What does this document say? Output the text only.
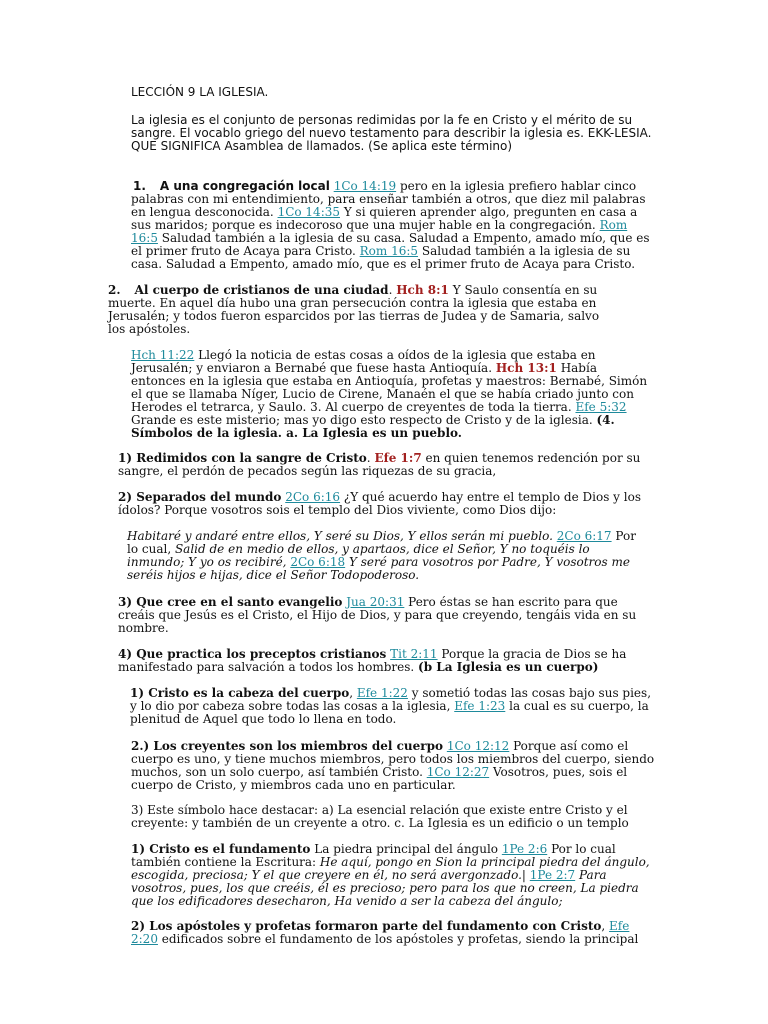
LECCIÓN 9 LA IGLESIA.

La iglesia es el conjunto de personas redimidas por la fe en Cristo y el mérito de su sangre. El vocablo griego del nuevo testamento para describir la iglesia es. EKK-LESIA. QUE SIGNIFICA Asamblea de llamados. (Se aplica este término)

1. A una congregación local 1Co 14:19 pero en la iglesia prefiero hablar cinco palabras con mi entendimiento, para enseñar también a otros, que diez mil palabras en lengua desconocida. 1Co 14:35 Y si quieren aprender algo, pregunten en casa a sus maridos; porque es indecoroso que una mujer hable en la congregación. Rom 16:5 Saludad también a la iglesia de su casa. Saludad a Empento, amado mío, que es el primer fruto de Acaya para Cristo. Rom 16:5 Saludad también a la iglesia de su casa. Saludad a Empento, amado mío, que es el primer fruto de Acaya para Cristo.

2. Al cuerpo de cristianos de una ciudad. Hch 8:1 Y Saulo consentía en su muerte. En aquel día hubo una gran persecución contra la iglesia que estaba en Jerusalén; y todos fueron esparcidos por las tierras de Judea y de Samaria, salvo los apóstoles.

Hch 11:22 Llegó la noticia de estas cosas a oídos de la iglesia que estaba en Jerusalén; y enviaron a Bernabé que fuese hasta Antioquía. Hch 13:1 Había entonces en la iglesia que estaba en Antioquía, profetas y maestros: Bernabé, Simón el que se llamaba Níger, Lucio de Cirene, Manaén el que se había criado junto con Herodes el tetrarca, y Saulo. 3. Al cuerpo de creyentes de toda la tierra. Efe 5:32 Grande es este misterio; mas yo digo esto respecto de Cristo y de la iglesia. (4. Símbolos de la iglesia. a. La Iglesia es un pueblo.

1) Redimidos con la sangre de Cristo. Efe 1:7 en quien tenemos redención por su sangre, el perdón de pecados según las riquezas de su gracia,

2) Separados del mundo 2Co 6:16 ¿Y qué acuerdo hay entre el templo de Dios y los ídolos? Porque vosotros sois el templo del Dios viviente, como Dios dijo:

Habitaré y andaré entre ellos, Y seré su Dios, Y ellos serán mi pueblo. 2Co 6:17 Por lo cual, Salid de en medio de ellos, y apartaos, dice el Señor, Y no toquéis lo inmundo; Y yo os recibiré, 2Co 6:18 Y seré para vosotros por Padre, Y vosotros me seréis hijos e hijas, dice el Señor Todopoderoso.

3) Que cree en el santo evangelio Jua 20:31 Pero éstas se han escrito para que creáis que Jesús es el Cristo, el Hijo de Dios, y para que creyendo, tengáis vida en su nombre.

4) Que practica los preceptos cristianos Tit 2:11 Porque la gracia de Dios se ha manifestado para salvación a todos los hombres. (b La Iglesia es un cuerpo)

1) Cristo es la cabeza del cuerpo, Efe 1:22 y sometió todas las cosas bajo sus pies, y lo dio por cabeza sobre todas las cosas a la iglesia, Efe 1:23 la cual es su cuerpo, la plenitud de Aquel que todo lo llena en todo.

2.) Los creyentes son los miembros del cuerpo 1Co 12:12 Porque así como el cuerpo es uno, y tiene muchos miembros, pero todos los miembros del cuerpo, siendo muchos, son un solo cuerpo, así también Cristo. 1Co 12:27 Vosotros, pues, sois el cuerpo de Cristo, y miembros cada uno en particular.

3) Este símbolo hace destacar: a) La esencial relación que existe entre Cristo y el creyente: y también de un creyente a otro. c. La Iglesia es un edificio o un templo

1) Cristo es el fundamento La piedra principal del ángulo 1Pe 2:6 Por lo cual también contiene la Escritura: He aquí, pongo en Sion la principal piedra del ángulo, escogida, preciosa; Y el que creyere en él, no será avergonzado.| 1Pe 2:7 Para vosotros, pues, los que creéis, él es precioso; pero para los que no creen, La piedra que los edificadores desecharon, Ha venido a ser la cabeza del ángulo;

2) Los apóstoles y profetas formaron parte del fundamento con Cristo, Efe 2:20 edificados sobre el fundamento de los apóstoles y profetas, siendo la principal
